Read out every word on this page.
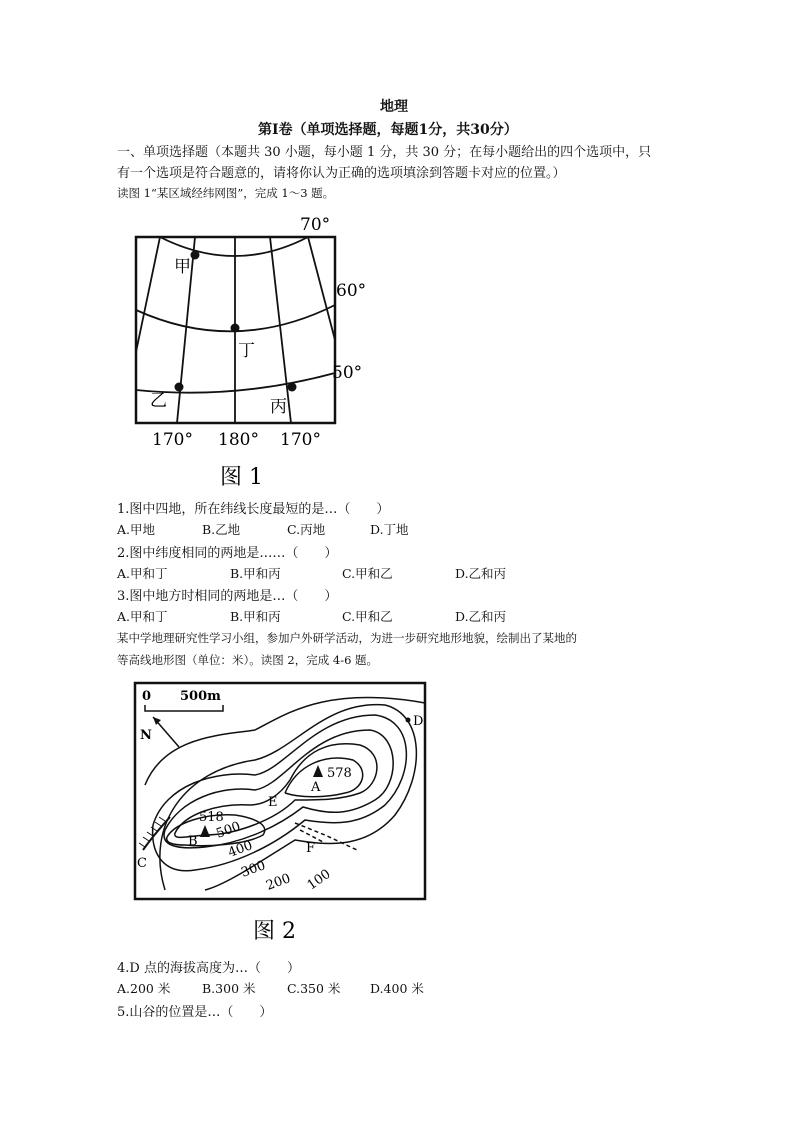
地理
第Ⅰ卷（单项选择题，每题1分，共30分）
一、单项选择题（本题共 30 小题，每小题 1 分，共 30 分；在每小题给出的四个选项中，只
有一个选项是符合题意的，请将你认为正确的选项填涂到答题卡对应的位置。）
读图 1“某区域经纬网图”，完成 1～3 题。
甲
乙	丙
丁
70°
60°
50°
170° 180° 170°
图 1
1.图中四地，所在纬线长度最短的是…（　　）
A.甲地	B.乙地	C.丙地	D.丁地
2.图中纬度相同的两地是……（　　）
A.甲和丁	B.甲和丙	C.甲和乙	D.乙和丙
3.图中地方时相同的两地是…（　　）
A.甲和丁	B.甲和丙	C.甲和乙	D.乙和丙
某中学地理研究性学习小组，参加户外研学活动，为进一步研究地形地貌，绘制出了某地的
等高线地形图（单位：米）。读图 2，完成 4-6 题。
0 500m
N
578
A
518
B
C
D
E
F
500
400
300
200 100
图 2
4.D 点的海拔高度为…（　　）
A.200 米	B.300 米	C.350 米 D.400 米
5.山谷的位置是…（　　）
